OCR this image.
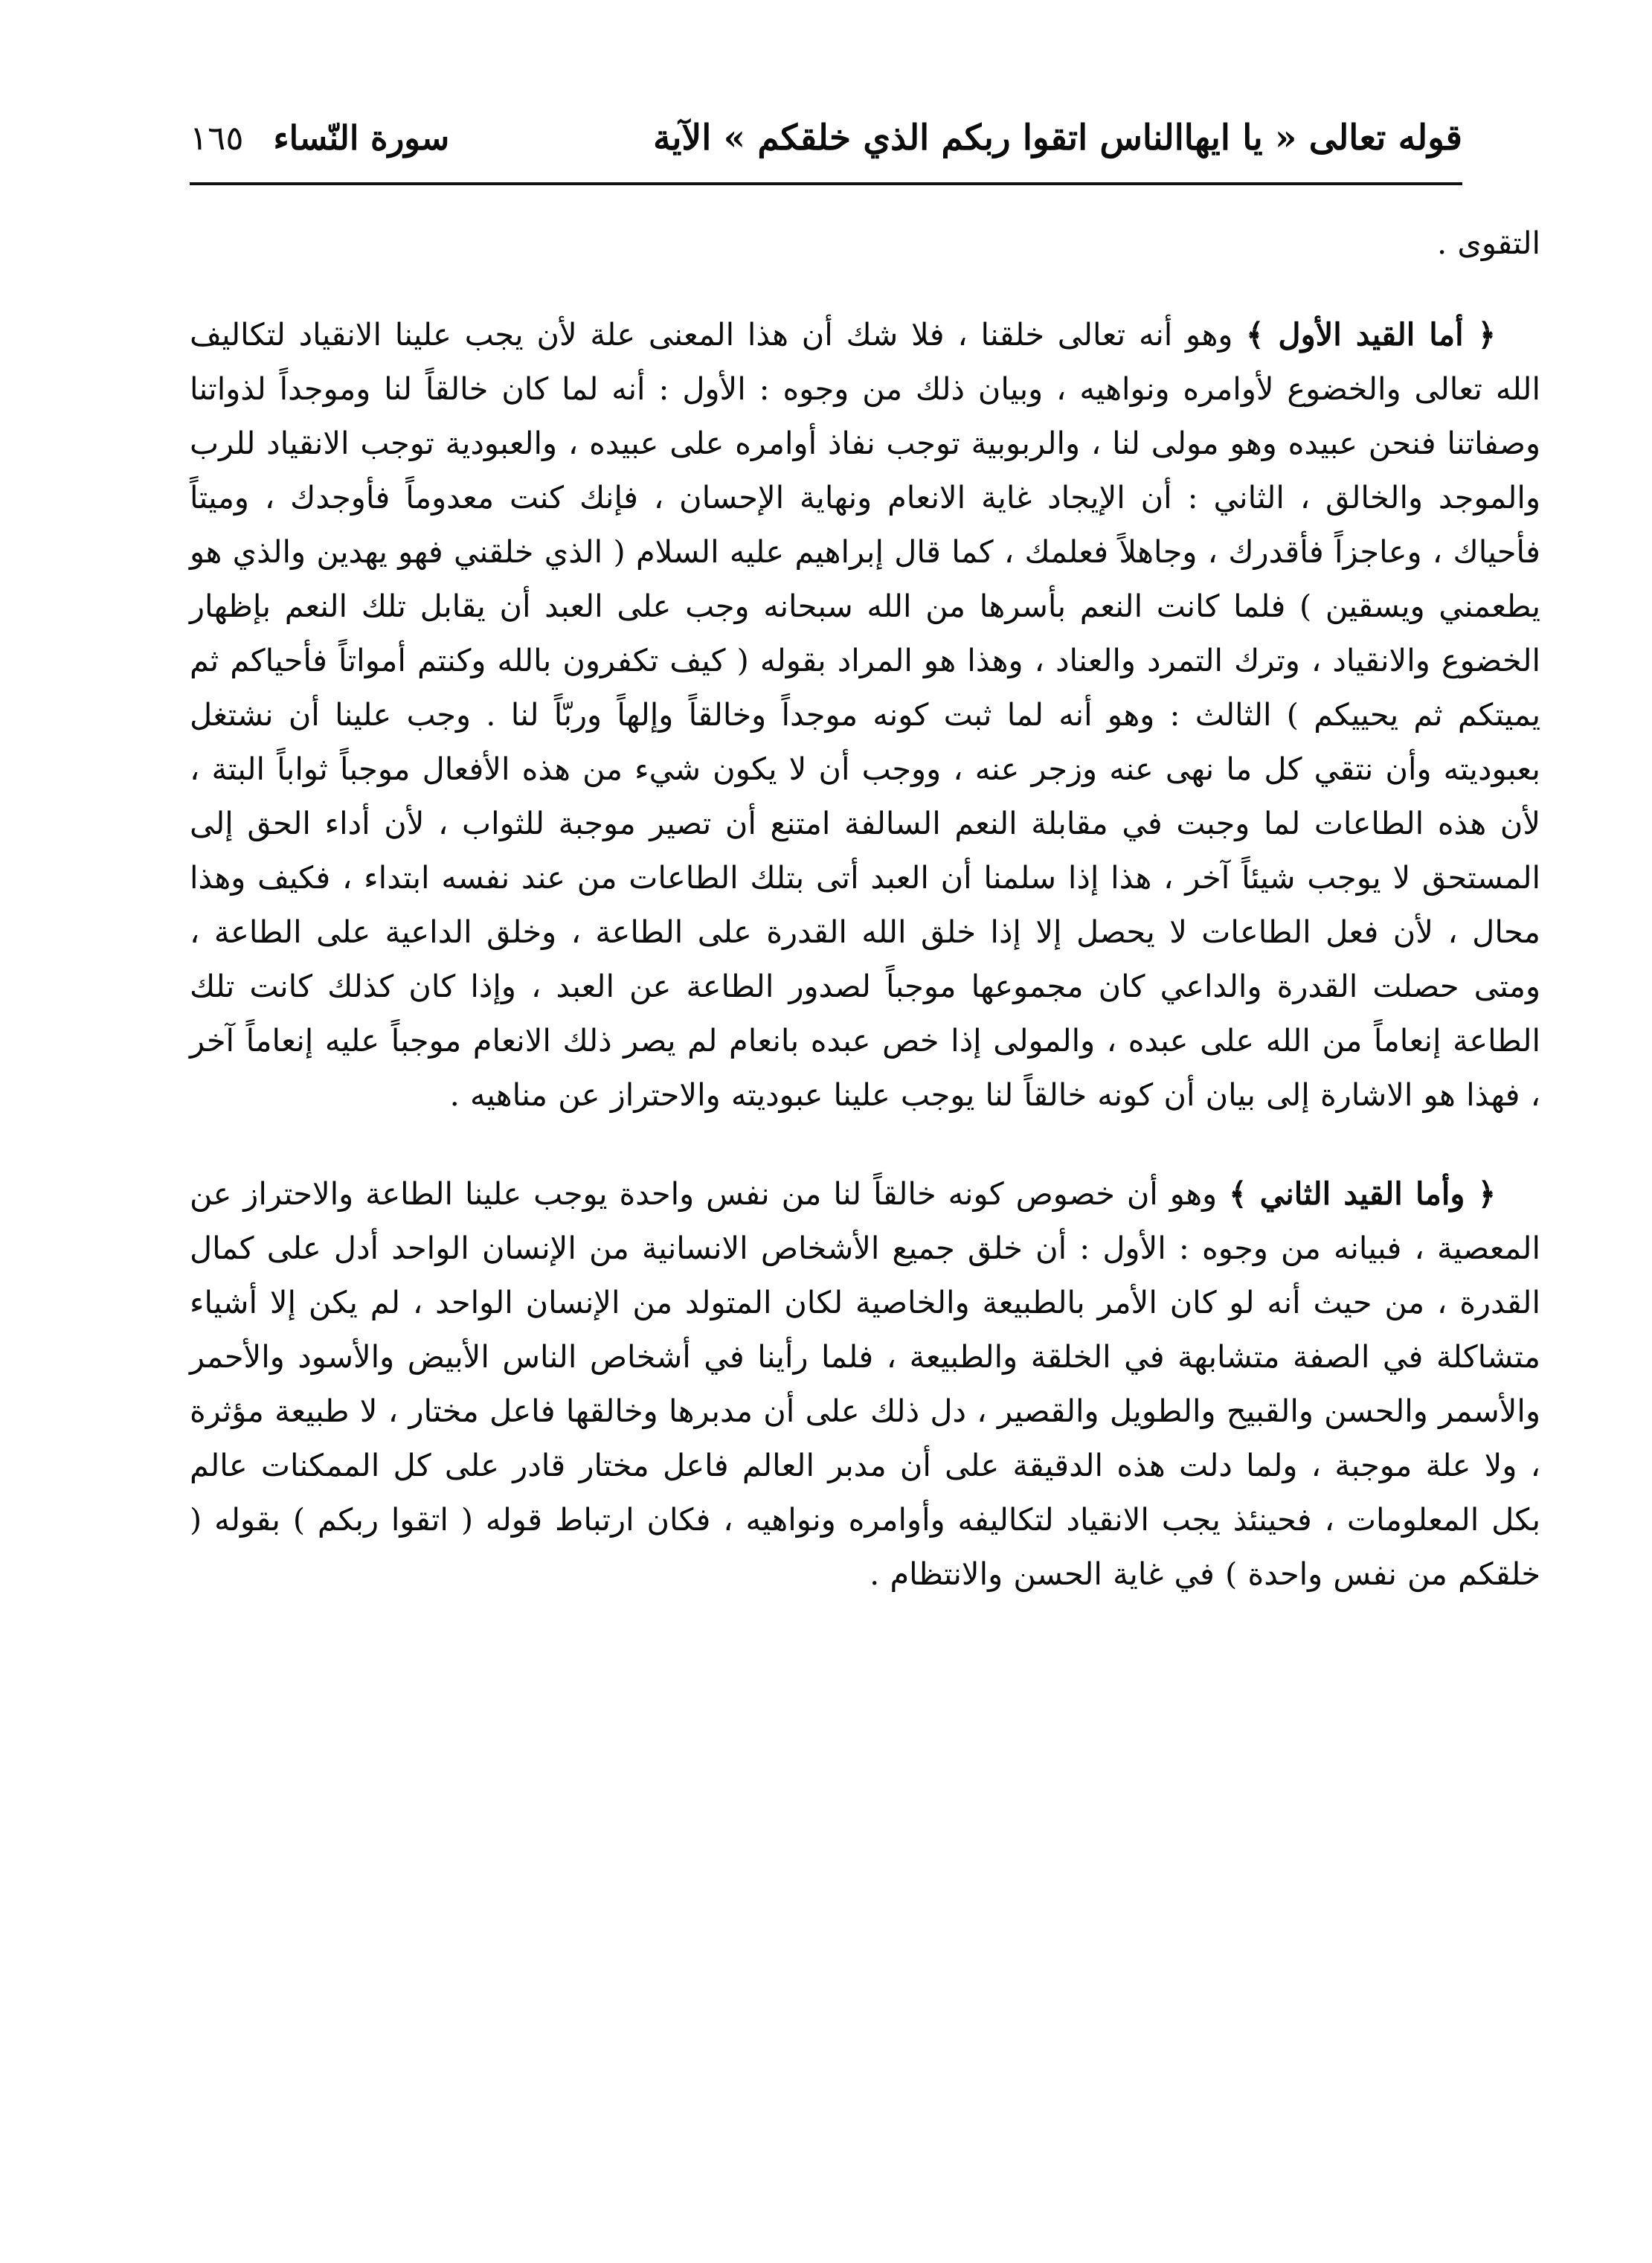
قوله تعالى « يا ايهاالناس اتقوا ربكم الذي خلقكم » الآية
سورة النّساء
١٦٥

التقوى .

﴿ أما القيد الأول ﴾ وهو أنه تعالى خلقنا ، فلا شك أن هذا المعنى علة لأن يجب علينا الانقياد لتكاليف الله تعالى والخضوع لأوامره ونواهيه ، وبيان ذلك من وجوه : الأول : أنه لما كان خالقاً لنا وموجداً لذواتنا وصفاتنا فنحن عبيده وهو مولى لنا ، والربوبية توجب نفاذ أوامره على عبيده ، والعبودية توجب الانقياد للرب والموجد والخالق ، الثاني : أن الإيجاد غاية الانعام ونهاية الإحسان ، فإنك كنت معدوماً فأوجدك ، وميتاً فأحياك ، وعاجزاً فأقدرك ، وجاهلاً فعلمك ، كما قال إبراهيم عليه السلام ( الذي خلقني فهو يهدين والذي هو يطعمني ويسقين ) فلما كانت النعم بأسرها من الله سبحانه وجب على العبد أن يقابل تلك النعم بإظهار الخضوع والانقياد ، وترك التمرد والعناد ، وهذا هو المراد بقوله ( كيف تكفرون بالله وكنتم أمواتاً فأحياكم ثم يميتكم ثم يحييكم ) الثالث : وهو أنه لما ثبت كونه موجداً وخالقاً وإلهاً وربّاً لنا . وجب علينا أن نشتغل بعبوديته وأن نتقي كل ما نهى عنه وزجر عنه ، ووجب أن لا يكون شيء من هذه الأفعال موجباً ثواباً البتة ، لأن هذه الطاعات لما وجبت في مقابلة النعم السالفة امتنع أن تصير موجبة للثواب ، لأن أداء الحق إلى المستحق لا يوجب شيئاً آخر ، هذا إذا سلمنا أن العبد أتى بتلك الطاعات من عند نفسه ابتداء ، فكيف وهذا محال ، لأن فعل الطاعات لا يحصل إلا إذا خلق الله القدرة على الطاعة ، وخلق الداعية على الطاعة ، ومتى حصلت القدرة والداعي كان مجموعها موجباً لصدور الطاعة عن العبد ، وإذا كان كذلك كانت تلك الطاعة إنعاماً من الله على عبده ، والمولى إذا خص عبده بانعام لم يصر ذلك الانعام موجباً عليه إنعاماً آخر ، فهذا هو الاشارة إلى بيان أن كونه خالقاً لنا يوجب علينا عبوديته والاحتراز عن مناهيه .

﴿ وأما القيد الثاني ﴾ وهو أن خصوص كونه خالقاً لنا من نفس واحدة يوجب علينا الطاعة والاحتراز عن المعصية ، فبيانه من وجوه : الأول : أن خلق جميع الأشخاص الانسانية من الإنسان الواحد أدل على كمال القدرة ، من حيث أنه لو كان الأمر بالطبيعة والخاصية لكان المتولد من الإنسان الواحد ، لم يكن إلا أشياء متشاكلة في الصفة متشابهة في الخلقة والطبيعة ، فلما رأينا في أشخاص الناس الأبيض والأسود والأحمر والأسمر والحسن والقبيح والطويل والقصير ، دل ذلك على أن مدبرها وخالقها فاعل مختار ، لا طبيعة مؤثرة ، ولا علة موجبة ، ولما دلت هذه الدقيقة على أن مدبر العالم فاعل مختار قادر على كل الممكنات عالم بكل المعلومات ، فحينئذ يجب الانقياد لتكاليفه وأوامره ونواهيه ، فكان ارتباط قوله ( اتقوا ربكم ) بقوله ( خلقكم من نفس واحدة ) في غاية الحسن والانتظام .
